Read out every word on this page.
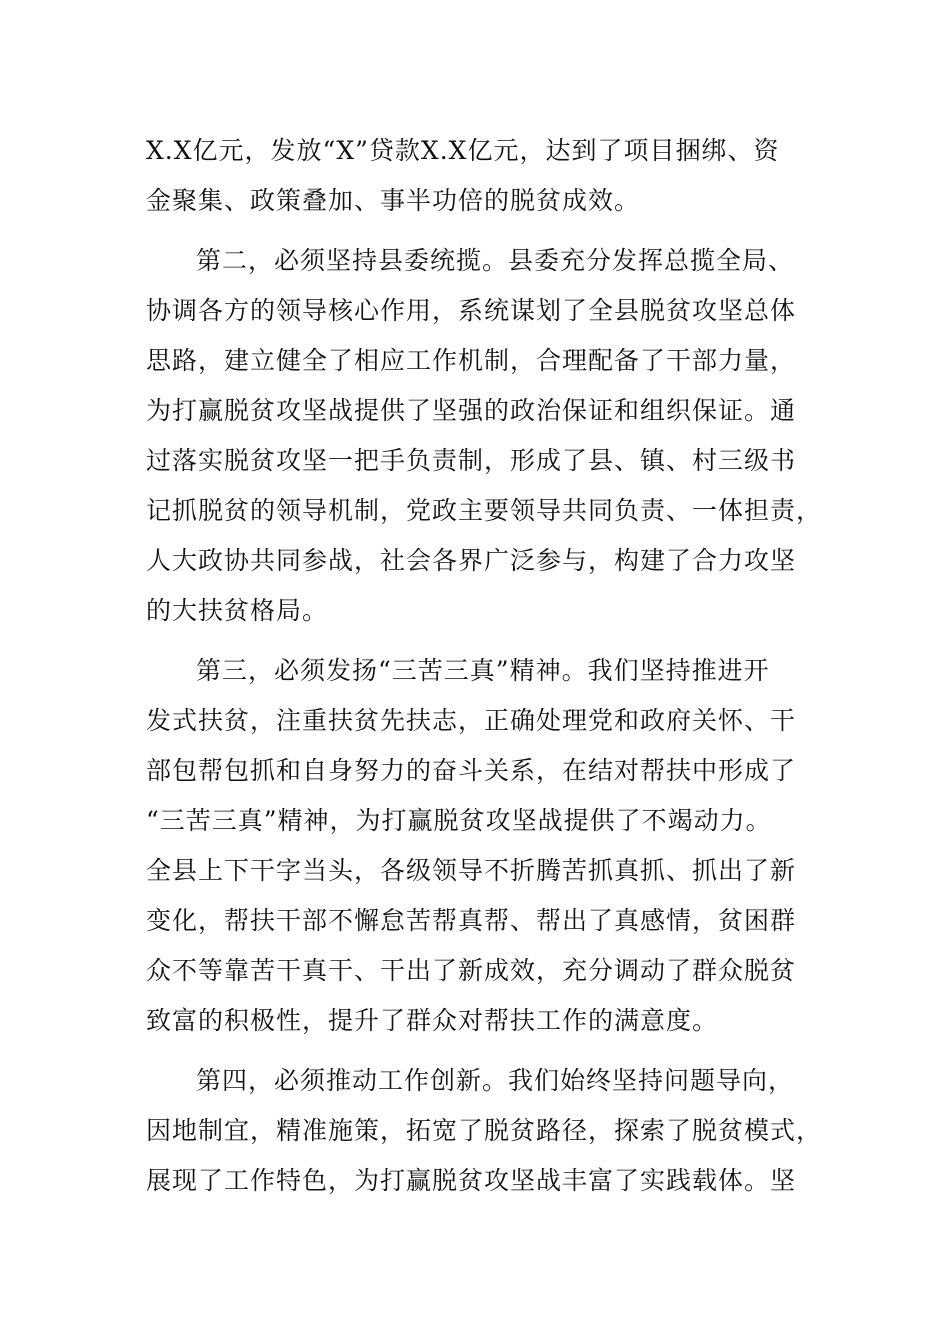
X.X亿元，发放“X”贷款X.X亿元，达到了项目捆绑、资
金聚集、政策叠加、事半功倍的脱贫成效。
第二，必须坚持县委统揽。县委充分发挥总揽全局、
协调各方的领导核心作用，系统谋划了全县脱贫攻坚总体
思路，建立健全了相应工作机制，合理配备了干部力量，
为打赢脱贫攻坚战提供了坚强的政治保证和组织保证。通
过落实脱贫攻坚一把手负责制，形成了县、镇、村三级书
记抓脱贫的领导机制，党政主要领导共同负责、一体担责，
人大政协共同参战，社会各界广泛参与，构建了合力攻坚
的大扶贫格局。
第三，必须发扬“三苦三真”精神。我们坚持推进开
发式扶贫，注重扶贫先扶志，正确处理党和政府关怀、干
部包帮包抓和自身努力的奋斗关系，在结对帮扶中形成了
“三苦三真”精神，为打赢脱贫攻坚战提供了不竭动力。
全县上下干字当头，各级领导不折腾苦抓真抓、抓出了新
变化，帮扶干部不懈怠苦帮真帮、帮出了真感情，贫困群
众不等靠苦干真干、干出了新成效，充分调动了群众脱贫
致富的积极性，提升了群众对帮扶工作的满意度。
第四，必须推动工作创新。我们始终坚持问题导向，
因地制宜，精准施策，拓宽了脱贫路径，探索了脱贫模式，
展现了工作特色，为打赢脱贫攻坚战丰富了实践载体。坚
